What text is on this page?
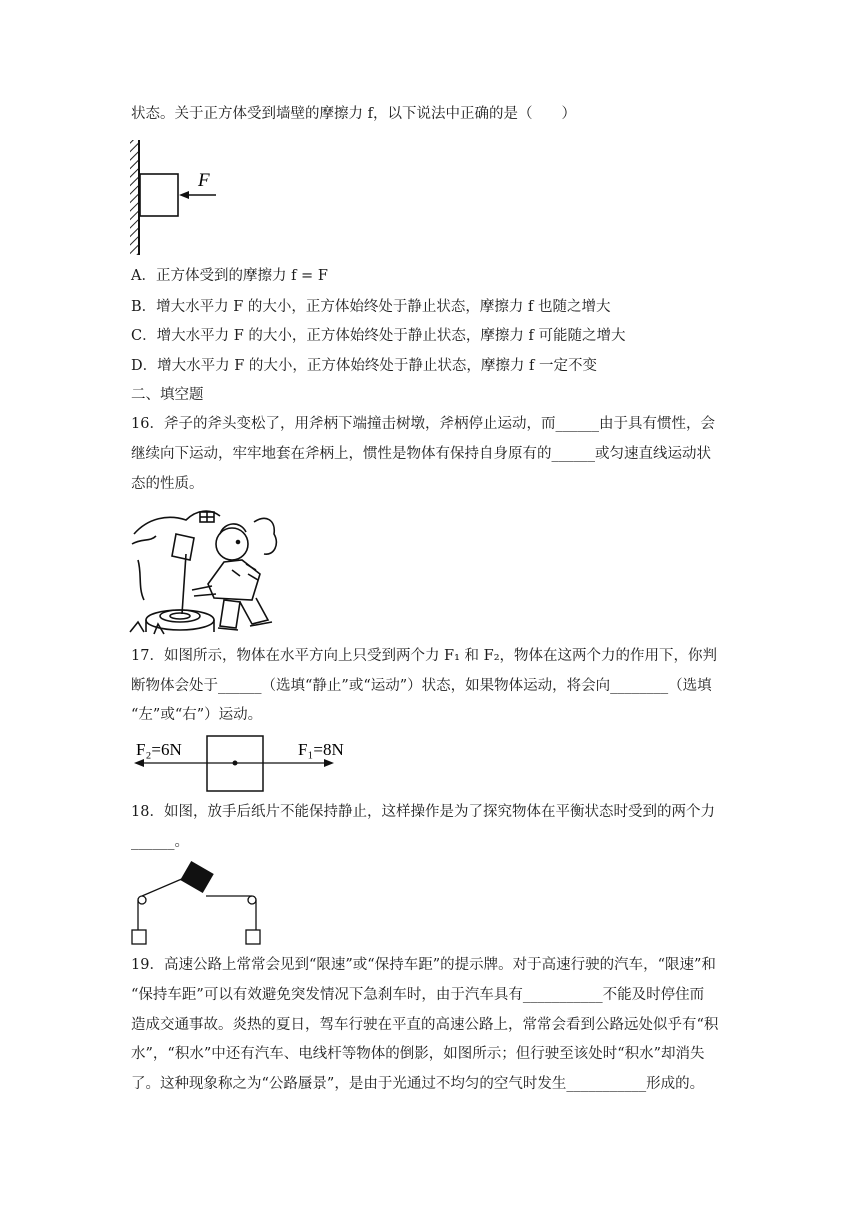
状态。关于正方体受到墙壁的摩擦力 f，以下说法中正确的是（　　）
F
A．正方体受到的摩擦力 f = F
B．增大水平力 F 的大小，正方体始终处于静止状态，摩擦力 f 也随之增大
C．增大水平力 F 的大小，正方体始终处于静止状态，摩擦力 f 可能随之增大
D．增大水平力 F 的大小，正方体始终处于静止状态，摩擦力 f 一定不变
二、填空题
16．斧子的斧头变松了，用斧柄下端撞击树墩，斧柄停止运动，而______由于具有惯性，会
继续向下运动，牢牢地套在斧柄上，惯性是物体有保持自身原有的______或匀速直线运动状
态的性质。
17．如图所示，物体在水平方向上只受到两个力 F₁ 和 F₂，物体在这两个力的作用下，你判
断物体会处于______（选填“静止”或“运动”）状态，如果物体运动，将会向________（选填
“左”或“右”）运动。
F₂=6N	F₁=8N
18．如图，放手后纸片不能保持静止，这样操作是为了探究物体在平衡状态时受到的两个力
______。
19．高速公路上常常会见到“限速”或“保持车距”的提示牌。对于高速行驶的汽车，“限速”和
“保持车距”可以有效避免突发情况下急刹车时，由于汽车具有___________不能及时停住而
造成交通事故。炎热的夏日，驾车行驶在平直的高速公路上，常常会看到公路远处似乎有“积
水”，“积水”中还有汽车、电线杆等物体的倒影，如图所示；但行驶至该处时“积水”却消失
了。这种现象称之为“公路蜃景”，是由于光通过不均匀的空气时发生___________形成的。
